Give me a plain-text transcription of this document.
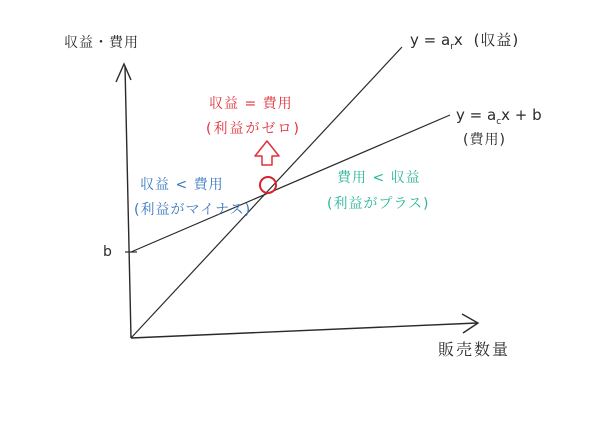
収益・費用
販売数量
b
$y = a_rx$ (収益)
$y = a_cx + b$
(費用)
収益 = 費用
(利益がゼロ)
収益 < 費用
(利益がマイナス)
費用 < 収益
(利益がプラス)
